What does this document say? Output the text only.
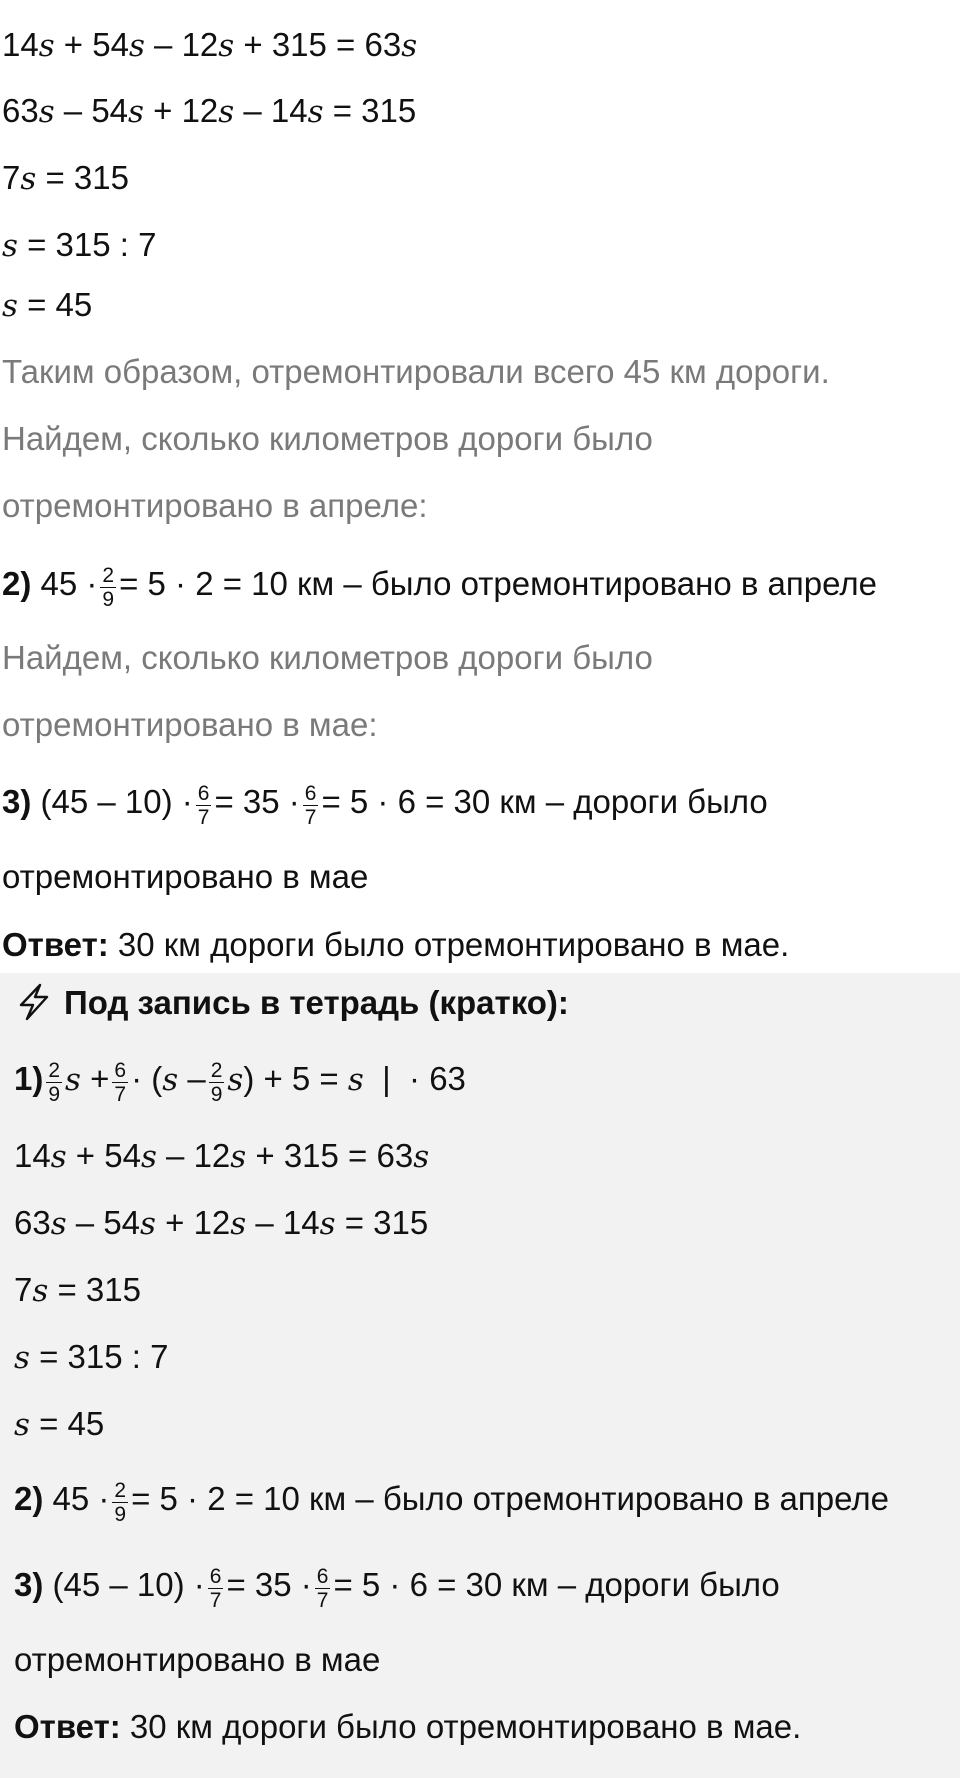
14s + 54s – 12s + 315 = 63s
63s – 54s + 12s – 14s = 315
7s = 315
s = 315 : 7
s = 45
Таким образом, отремонтировали всего 45 км дороги.
Найдем, сколько километров дороги было
отремонтировано в апреле:
2) $45 \cdot \frac{2}{9} = 5 \cdot 2 = 10$ км – было отремонтировано в апреле
Найдем, сколько километров дороги было
отремонтировано в мае:
3) $(45 - 10) \cdot \frac{6}{7} = 35 \cdot \frac{6}{7} = 5 \cdot 6 = 30$ км – дороги было
отремонтировано в мае
Ответ: 30 км дороги было отремонтировано в мае.
Под запись в тетрадь (кратко):
$1) \frac{2}{9}$ $s + \frac{6}{7} \cdot (s - \frac{2}{9} s) + 5 = s$  |  · 63
14s + 54s – 12s + 315 = 63s
63s – 54s + 12s – 14s = 315
7s = 315
s = 315 : 7
s = 45
2) $45 \cdot \frac{2}{9} = 5 \cdot 2 = 10$ км – было отремонтировано в апреле
3) $(45 - 10) \cdot \frac{6}{7} = 35 \cdot \frac{6}{7} = 5 \cdot 6 = 30$ км – дороги было
отремонтировано в мае
Ответ: 30 км дороги было отремонтировано в мае.
